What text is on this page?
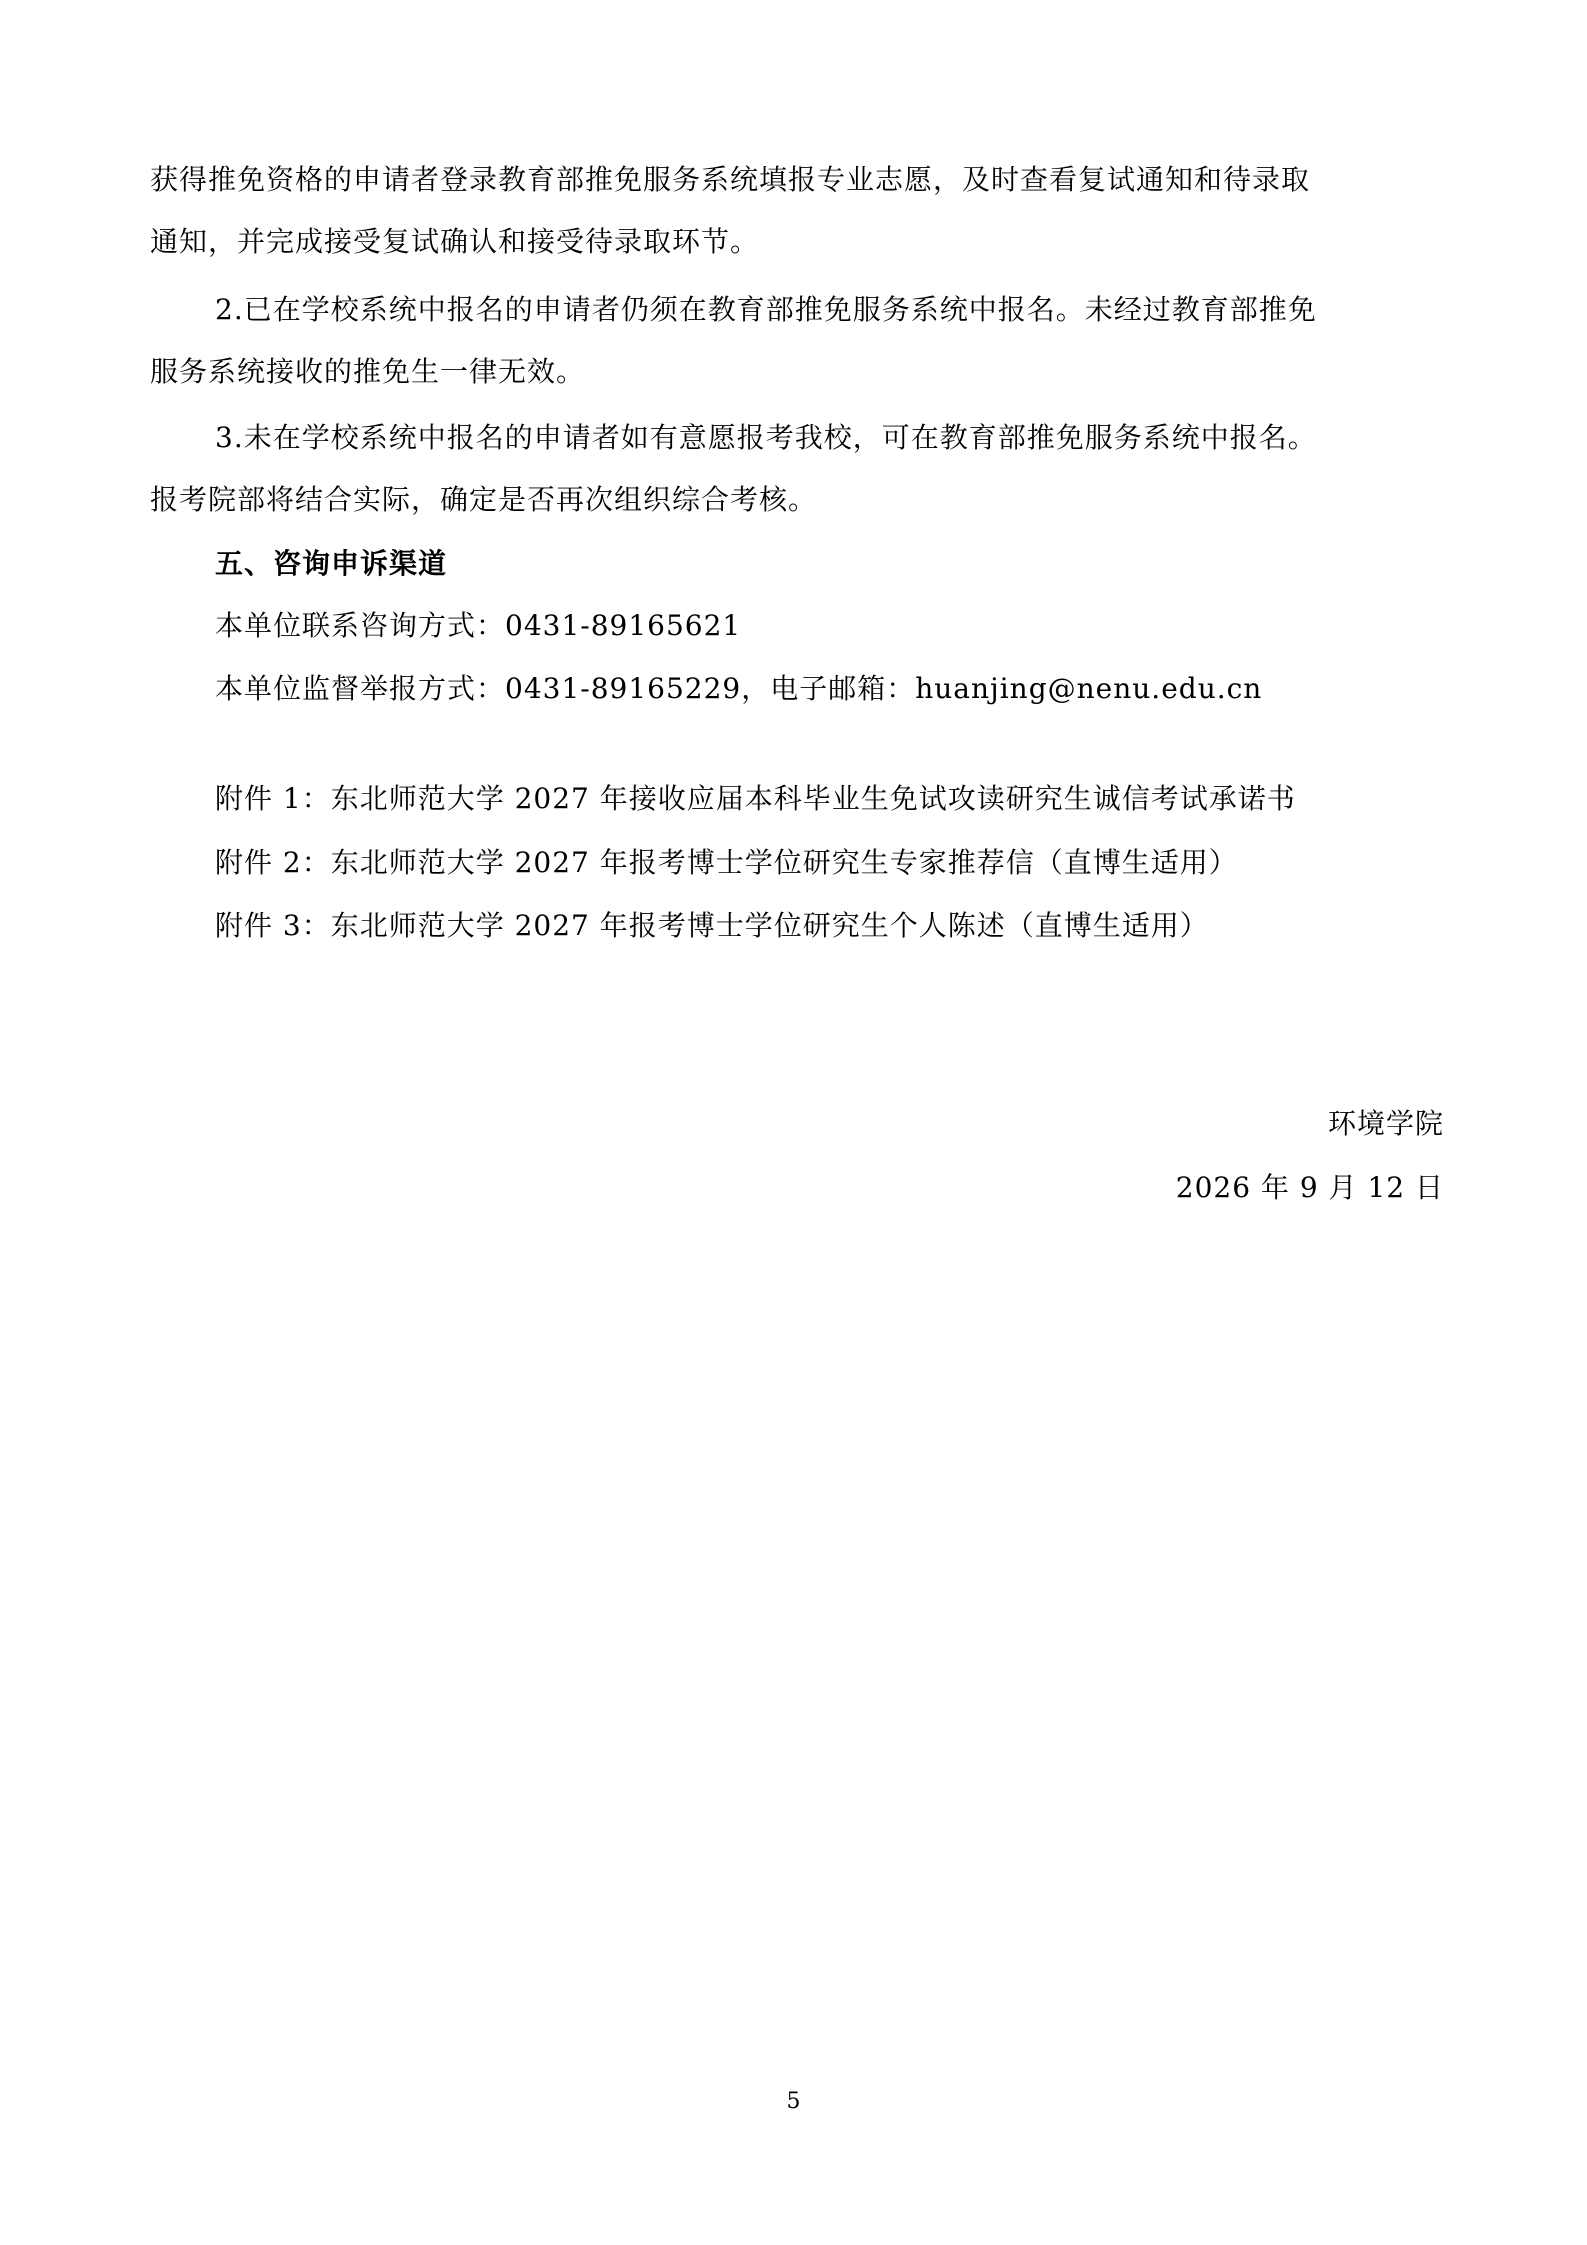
获得推免资格的申请者登录教育部推免服务系统填报专业志愿，及时查看复试通知和待录取
通知，并完成接受复试确认和接受待录取环节。
2.已在学校系统中报名的申请者仍须在教育部推免服务系统中报名。未经过教育部推免
服务系统接收的推免生一律无效。
3.未在学校系统中报名的申请者如有意愿报考我校，可在教育部推免服务系统中报名。
报考院部将结合实际，确定是否再次组织综合考核。
五、咨询申诉渠道
本单位联系咨询方式：0431-89165621
本单位监督举报方式：0431-89165229，电子邮箱：huanjing@nenu.edu.cn
附件 1：东北师范大学 2027 年接收应届本科毕业生免试攻读研究生诚信考试承诺书
附件 2：东北师范大学 2027 年报考博士学位研究生专家推荐信（直博生适用）
附件 3：东北师范大学 2027 年报考博士学位研究生个人陈述（直博生适用）
环境学院
2026 年 9 月 12 日
5
